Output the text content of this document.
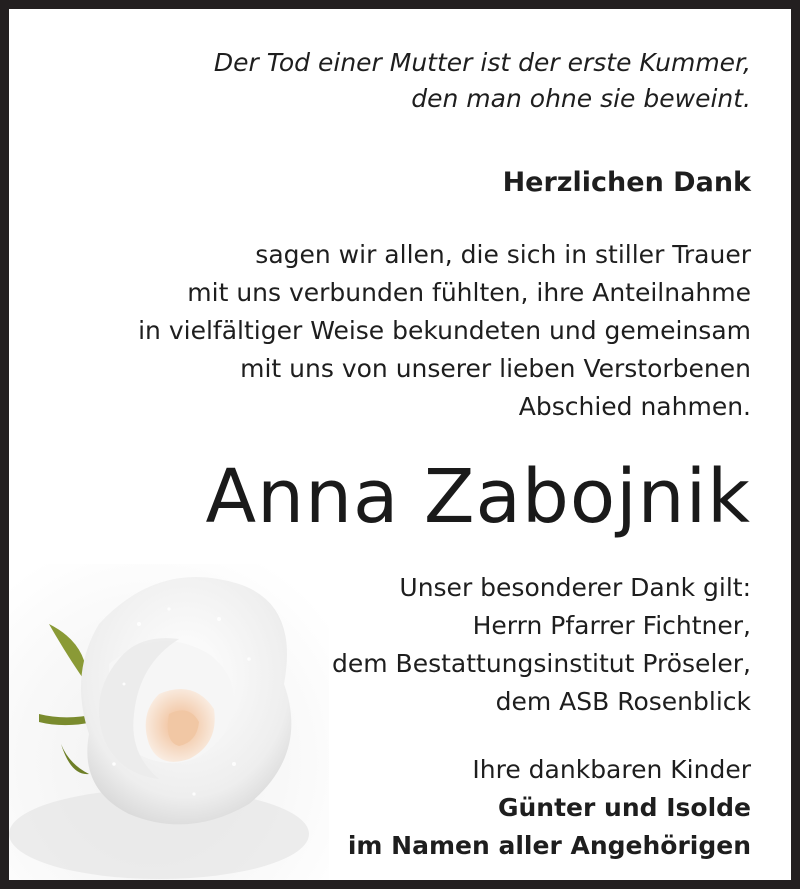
Der Tod einer Mutter ist der erste Kummer,
den man ohne sie beweint.
Herzlichen Dank
sagen wir allen, die sich in stiller Trauer
mit uns verbunden fühlten, ihre Anteilnahme
in vielfältiger Weise bekundeten und gemeinsam
mit uns von unserer lieben Verstorbenen
Abschied nahmen.
Anna Zabojnik
Unser besonderer Dank gilt:
Herrn Pfarrer Fichtner,
dem Bestattungsinstitut Pröseler,
dem ASB Rosenblick
Ihre dankbaren Kinder
Günter und Isolde
im Namen aller Angehörigen
